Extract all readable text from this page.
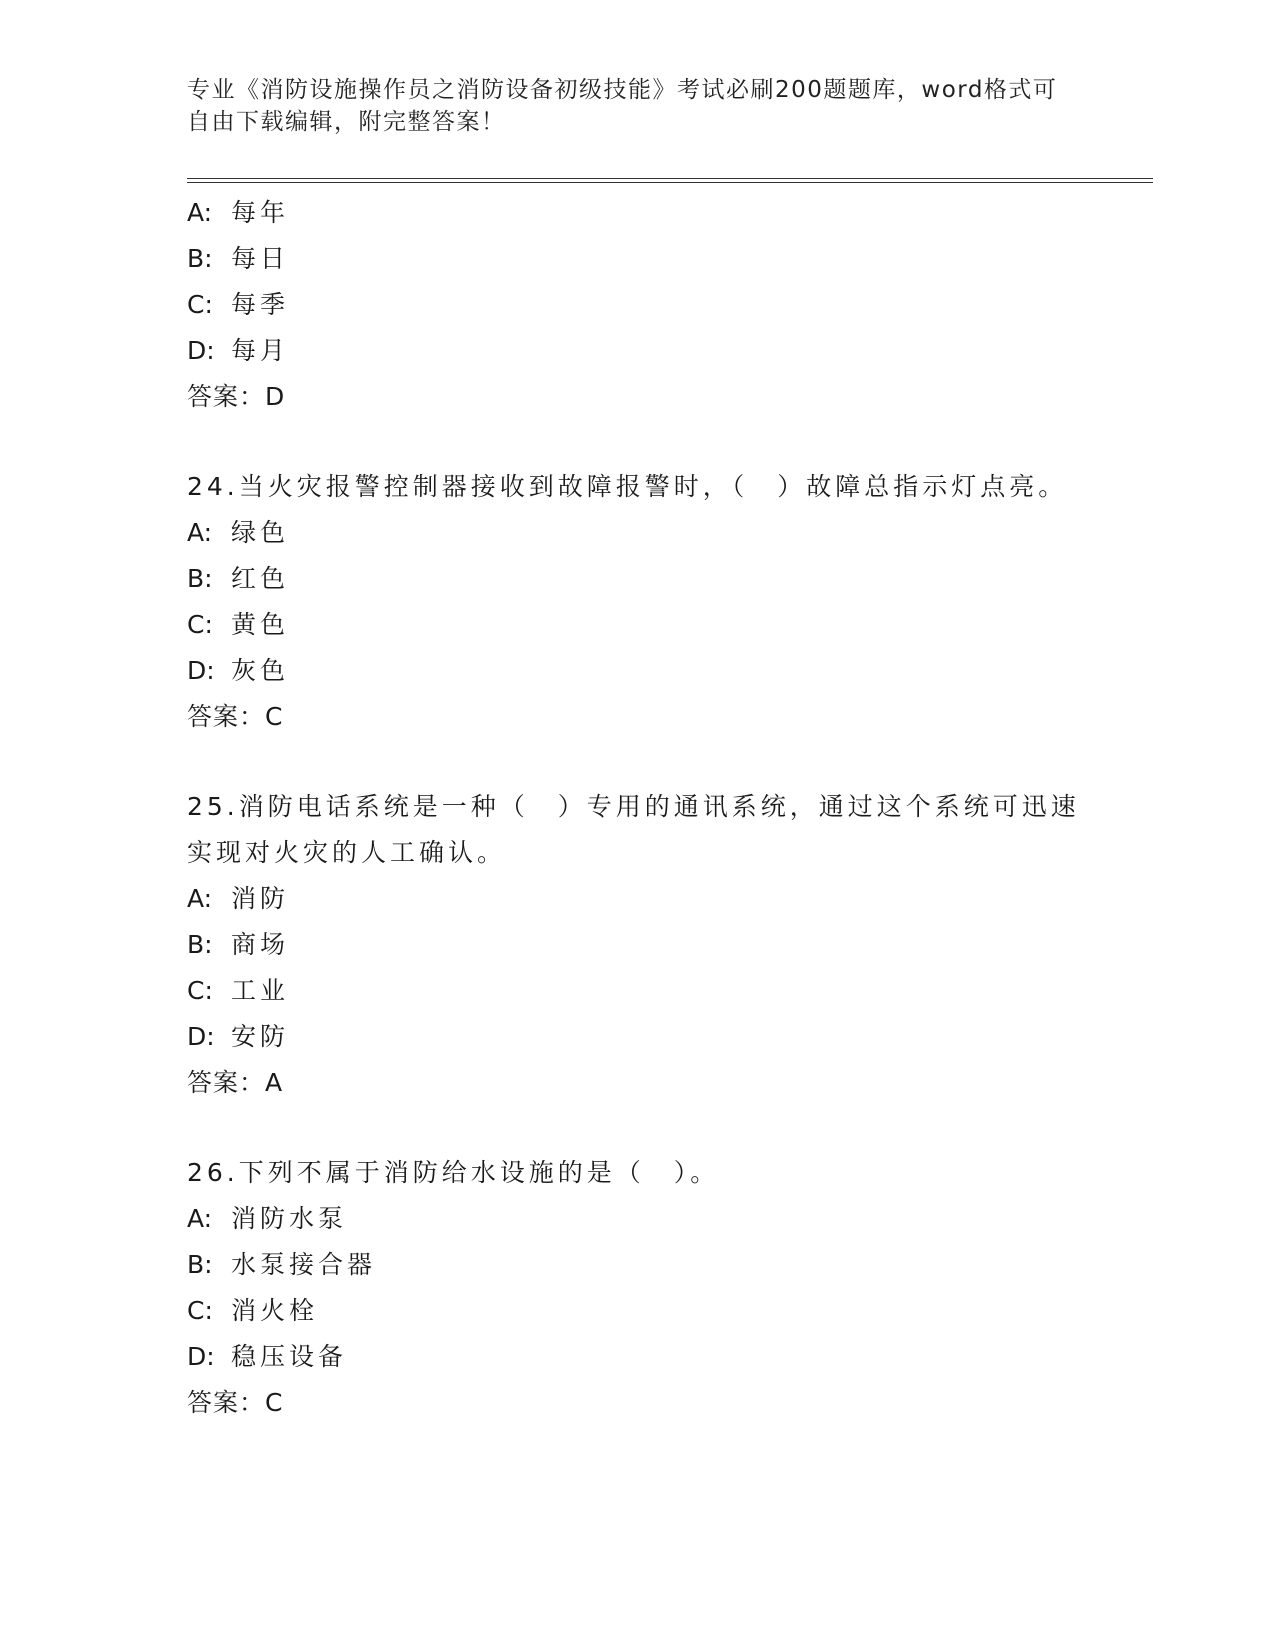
专业《消防设施操作员之消防设备初级技能》考试必刷200题题库，word格式可
自由下载编辑，附完整答案！
A: 每年
B: 每日
C: 每季
D: 每月
答案：D
24.当火灾报警控制器接收到故障报警时，（　）故障总指示灯点亮。
A: 绿色
B: 红色
C: 黄色
D: 灰色
答案：C
25.消防电话系统是一种（　）专用的通讯系统，通过这个系统可迅速
实现对火灾的人工确认。
A: 消防
B: 商场
C: 工业
D: 安防
答案：A
26.下列不属于消防给水设施的是（　）。
A: 消防水泵
B: 水泵接合器
C: 消火栓
D: 稳压设备
答案：C
